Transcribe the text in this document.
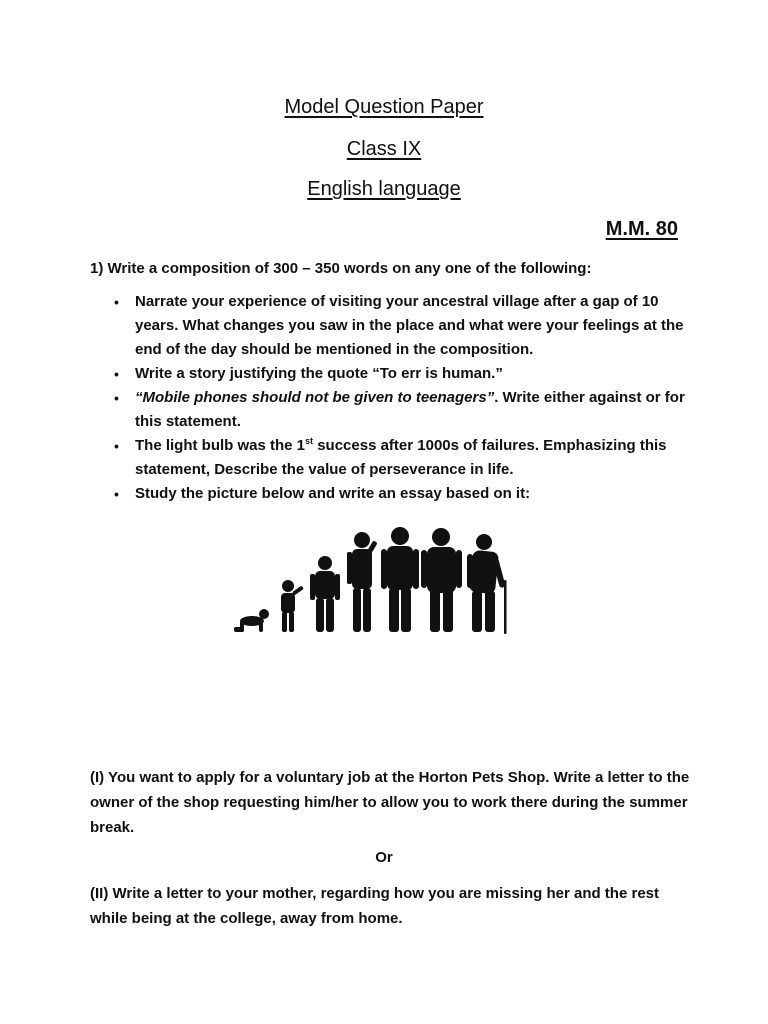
Model Question Paper
Class IX
English language
M.M. 80
1) Write a composition of 300 – 350 words on any one of the following:
• Narrate your experience of visiting your ancestral village after a gap of 10 years. What changes you saw in the place and what were your feelings at the end of the day should be mentioned in the composition.
• Write a story justifying the quote “To err is human.”
• “Mobile phones should not be given to teenagers”. Write either against or for this statement.
• The light bulb was the 1st success after 1000s of failures. Emphasizing this statement, Describe the value of perseverance in life.
• Study the picture below and write an essay based on it:
(I) You want to apply for a voluntary job at the Horton Pets Shop. Write a letter to the owner of the shop requesting him/her to allow you to work there during the summer break.
Or
(II) Write a letter to your mother, regarding how you are missing her and the rest while being at the college, away from home.
